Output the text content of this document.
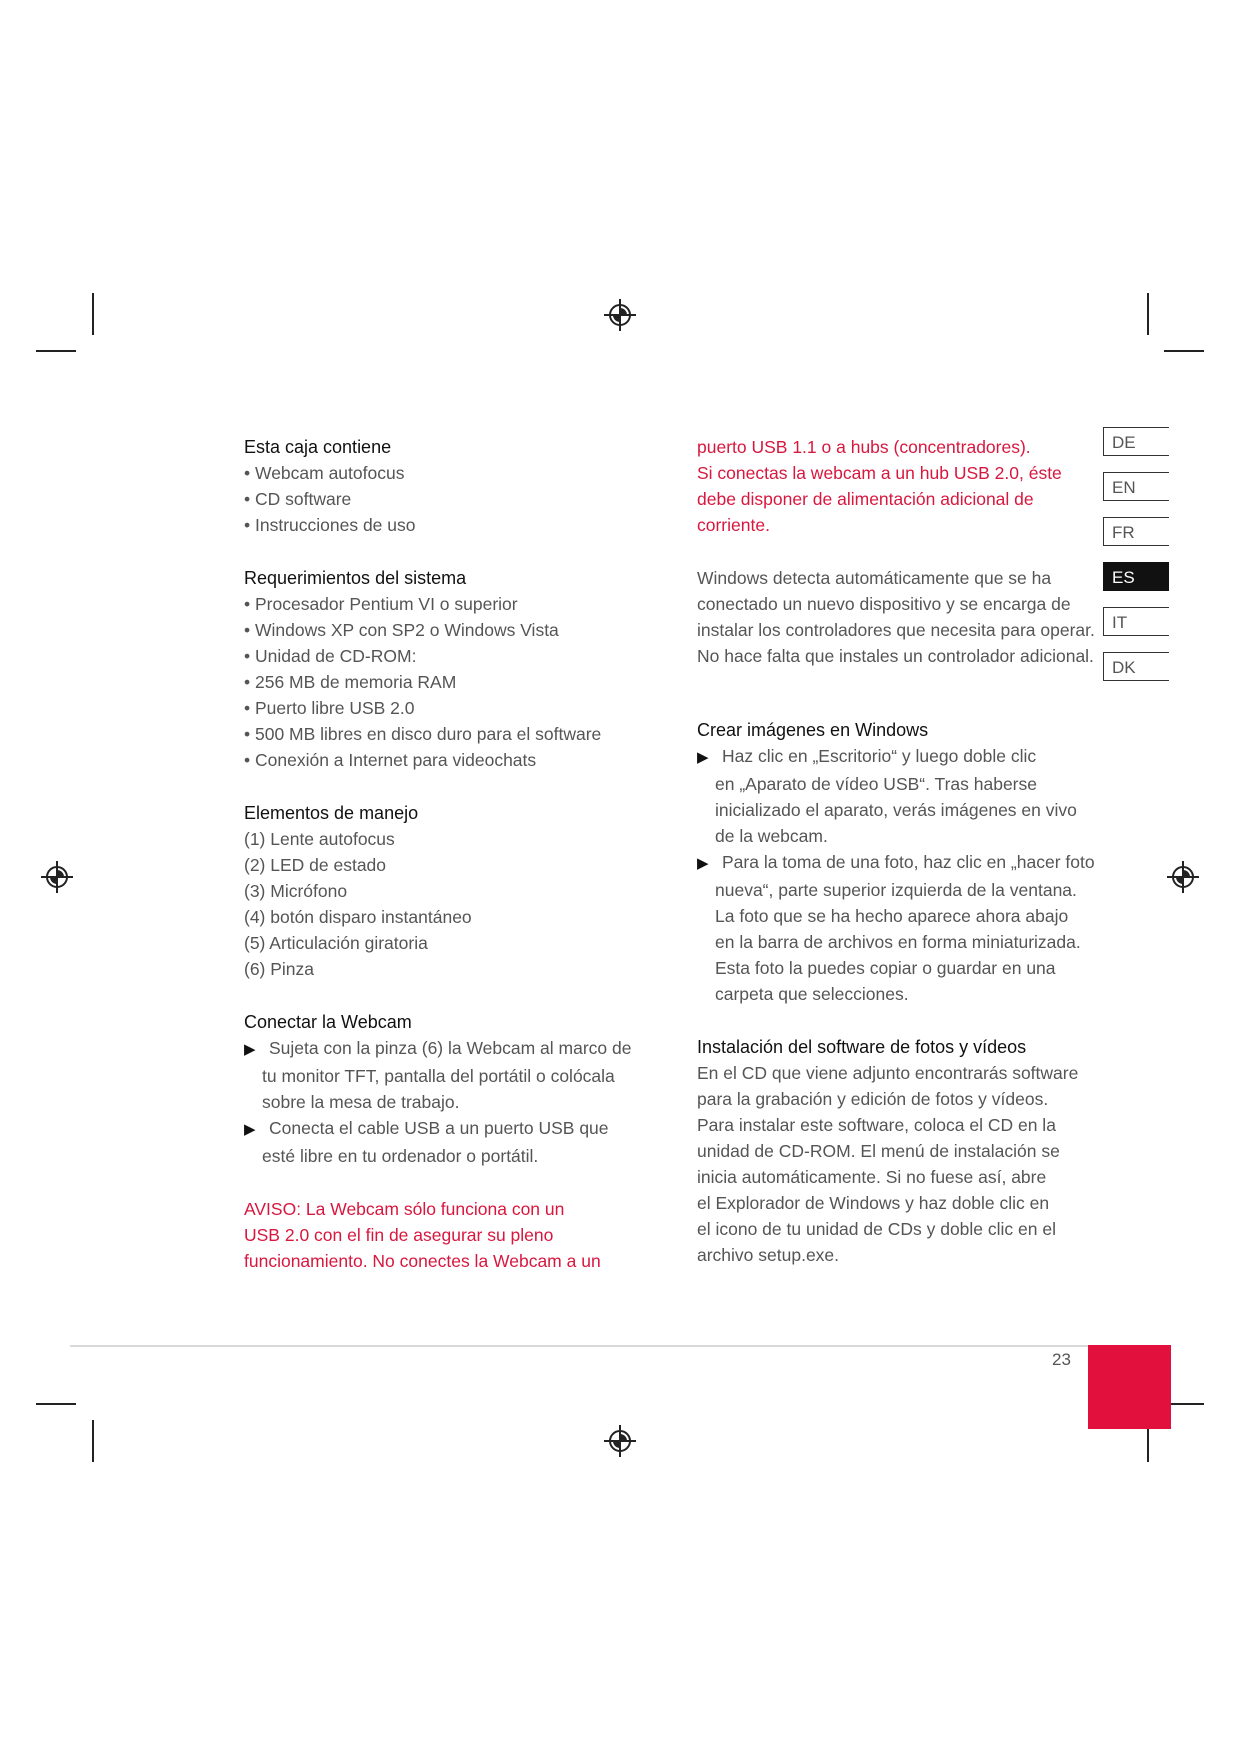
Esta caja contiene
• Webcam autofocus
• CD software
• Instrucciones de uso
Requerimientos del sistema
• Procesador Pentium VI o superior
• Windows XP con SP2 o Windows Vista
• Unidad de CD-ROM:
• 256 MB de memoria RAM
• Puerto libre USB 2.0
• 500 MB libres en disco duro para el software
• Conexión a Internet para videochats
Elementos de manejo
(1) Lente autofocus
(2) LED de estado
(3) Micrófono
(4) botón disparo instantáneo
(5) Articulación giratoria
(6) Pinza
Conectar la Webcam
▶ Sujeta con la pinza (6) la Webcam al marco de
tu monitor TFT, pantalla del portátil o colócala
sobre la mesa de trabajo.
▶ Conecta el cable USB a un puerto USB que
esté libre en tu ordenador o portátil.
AVISO: La Webcam sólo funciona con un
USB 2.0 con el fin de asegurar su pleno
funcionamiento. No conectes la Webcam a un
puerto USB 1.1 o a hubs (concentradores).
Si conectas la webcam a un hub USB 2.0, éste
debe disponer de alimentación adicional de
corriente.
Windows detecta automáticamente que se ha
conectado un nuevo dispositivo y se encarga de
instalar los controladores que necesita para operar.
No hace falta que instales un controlador adicional.
Crear imágenes en Windows
▶ Haz clic en „Escritorio“ y luego doble clic
en „Aparato de vídeo USB“. Tras haberse
inicializado el aparato, verás imágenes en vivo
de la webcam.
▶ Para la toma de una foto, haz clic en „hacer foto
nueva“, parte superior izquierda de la ventana.
La foto que se ha hecho aparece ahora abajo
en la barra de archivos en forma miniaturizada.
Esta foto la puedes copiar o guardar en una
carpeta que selecciones.
Instalación del software de fotos y vídeos
En el CD que viene adjunto encontrarás software
para la grabación y edición de fotos y vídeos.
Para instalar este software, coloca el CD en la
unidad de CD-ROM. El menú de instalación se
inicia automáticamente. Si no fuese así, abre
el Explorador de Windows y haz doble clic en
el icono de tu unidad de CDs y doble clic en el
archivo setup.exe.
DE
EN
FR
ES
IT
DK
23
